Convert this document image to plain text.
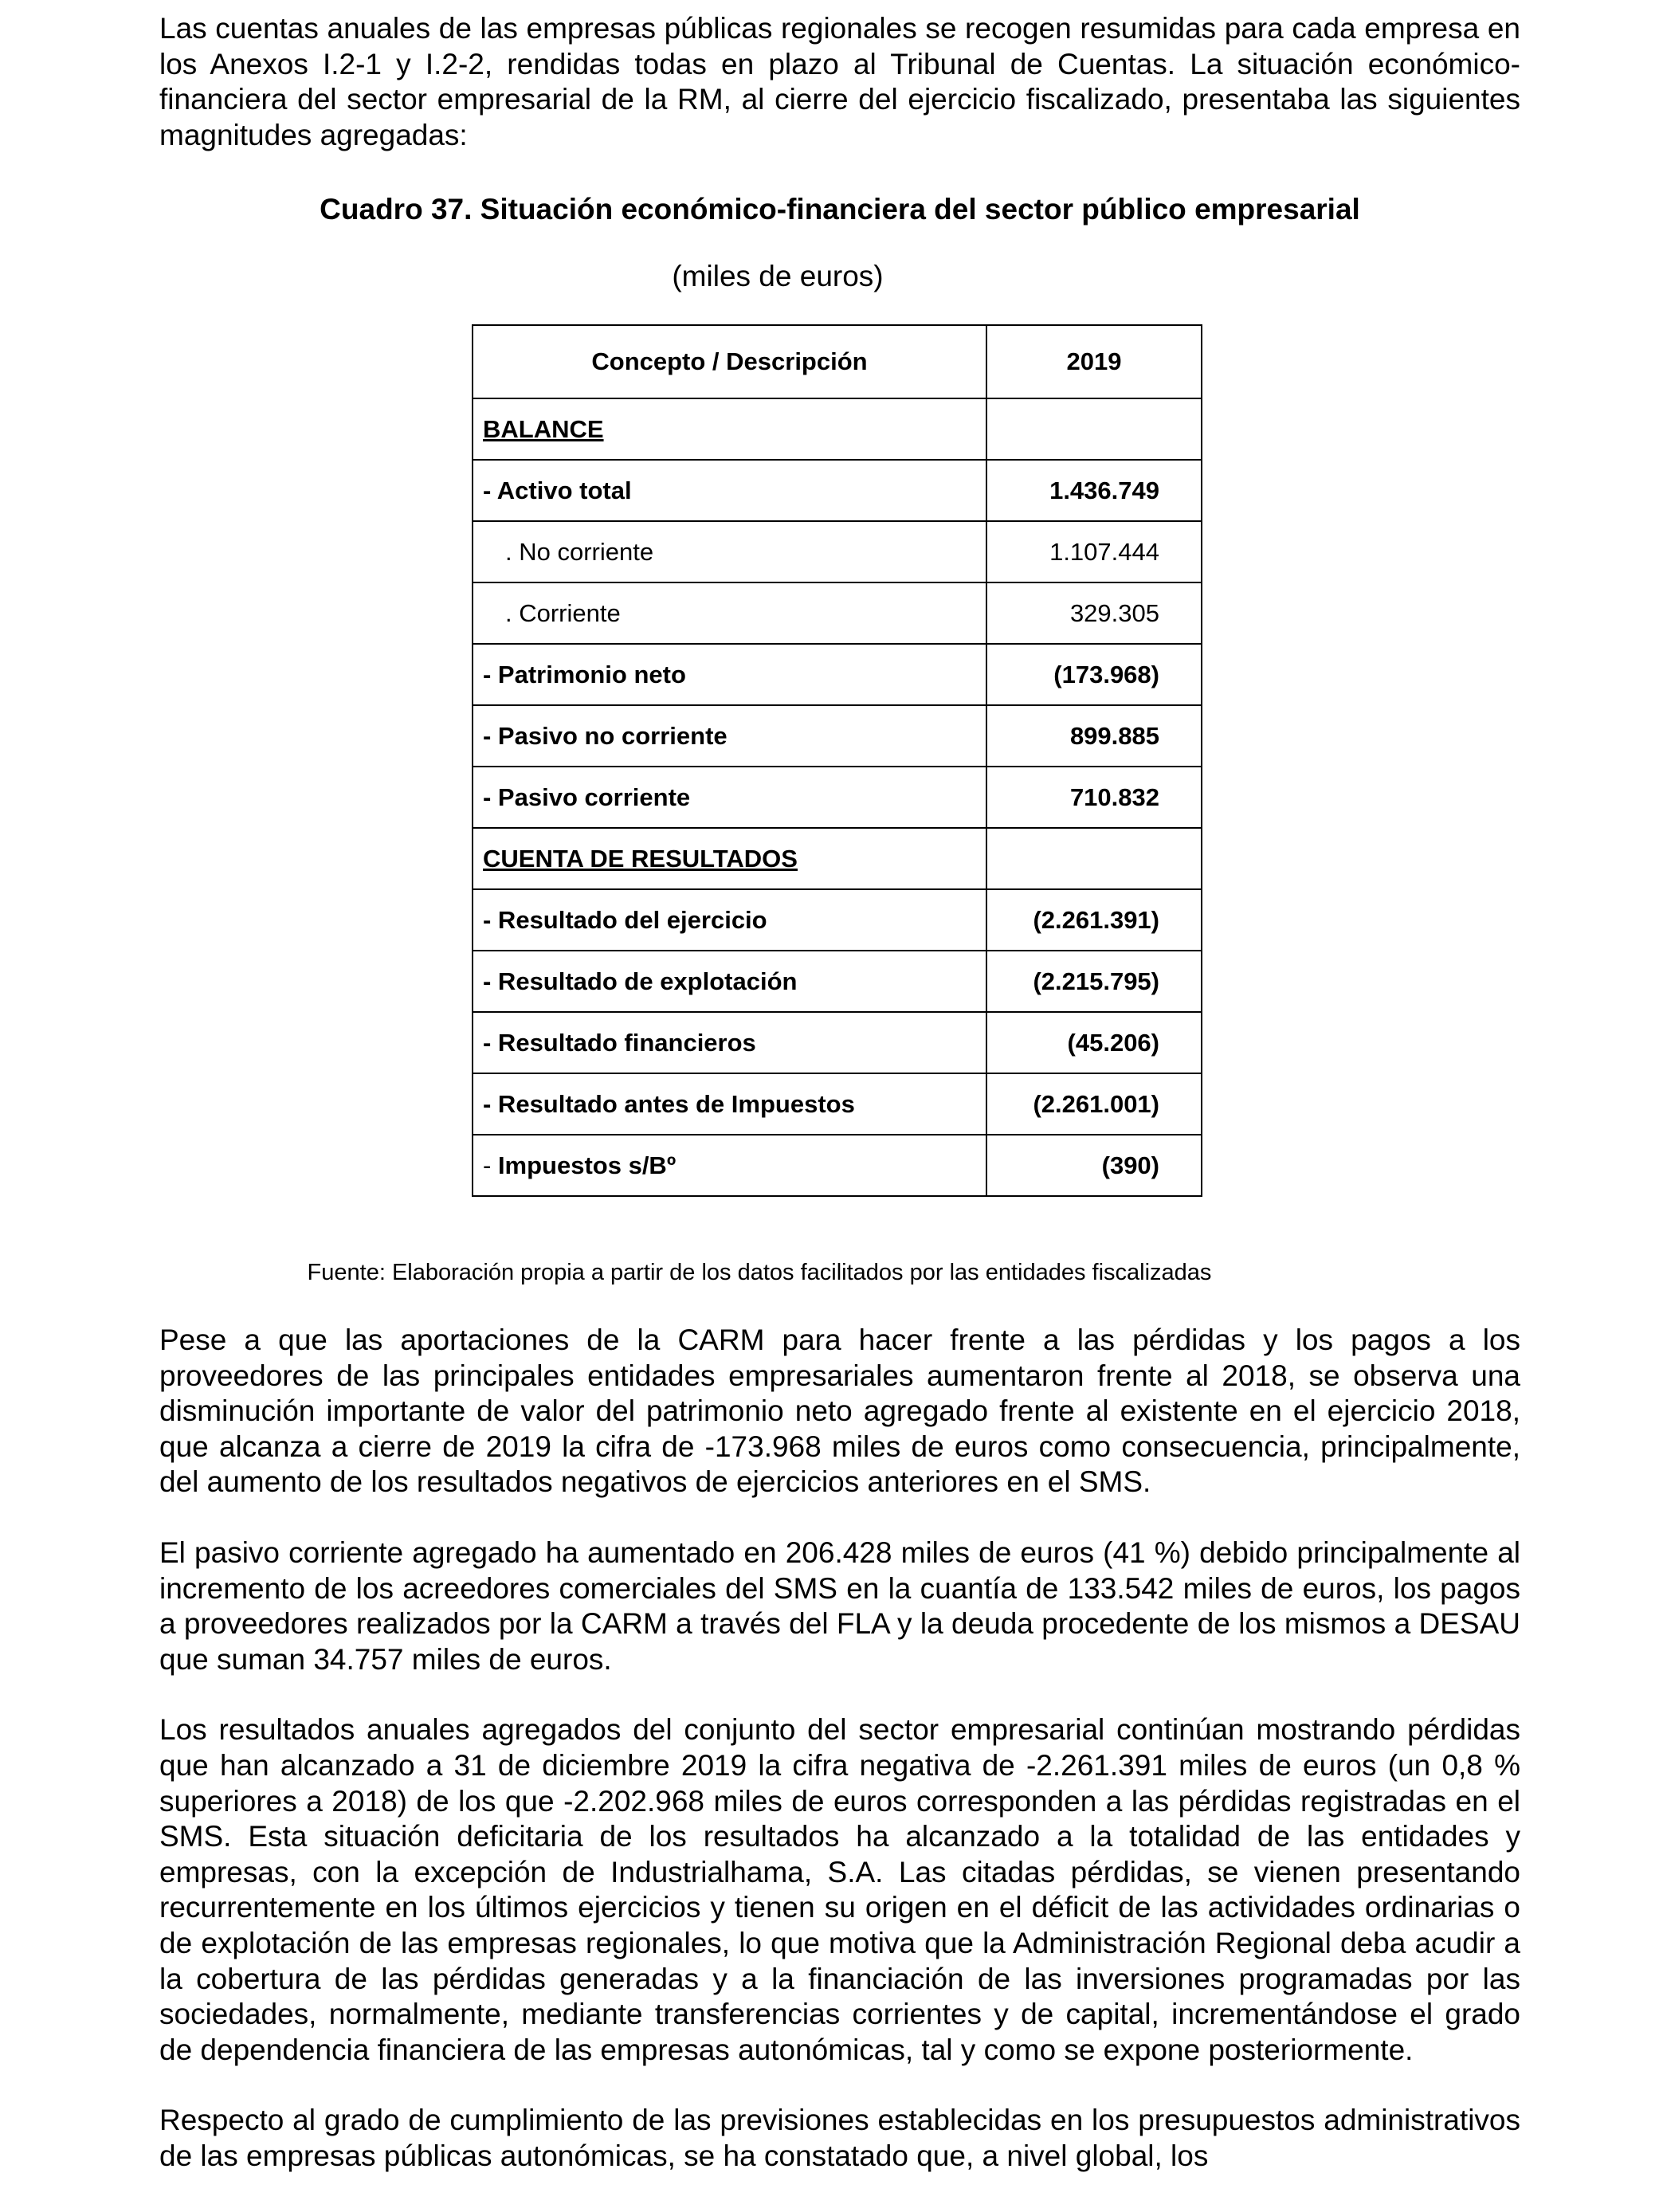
Las cuentas anuales de las empresas públicas regionales se recogen resumidas para cada empresa en los Anexos I.2-1 y I.2-2, rendidas todas en plazo al Tribunal de Cuentas. La situación económico-financiera del sector empresarial de la RM, al cierre del ejercicio fiscalizado, presentaba las siguientes magnitudes agregadas:

Cuadro 37. Situación económico-financiera del sector público empresarial

(miles de euros)

Concepto / Descripción	2019
BALANCE	
- Activo total	1.436.749
. No corriente	1.107.444
. Corriente	329.305
- Patrimonio neto	(173.968)
- Pasivo no corriente	899.885
- Pasivo corriente	710.832
CUENTA DE RESULTADOS	
- Resultado del ejercicio	(2.261.391)
- Resultado de explotación	(2.215.795)
- Resultado financieros	(45.206)
- Resultado antes de Impuestos	(2.261.001)
- Impuestos s/Bº	(390)

Fuente: Elaboración propia a partir de los datos facilitados por las entidades fiscalizadas

Pese a que las aportaciones de la CARM para hacer frente a las pérdidas y los pagos a los proveedores de las principales entidades empresariales aumentaron frente al 2018, se observa una disminución importante de valor del patrimonio neto agregado frente al existente en el ejercicio 2018, que alcanza a cierre de 2019 la cifra de -173.968 miles de euros como consecuencia, principalmente, del aumento de los resultados negativos de ejercicios anteriores en el SMS.

El pasivo corriente agregado ha aumentado en 206.428 miles de euros (41 %) debido principalmente al incremento de los acreedores comerciales del SMS en la cuantía de 133.542 miles de euros, los pagos a proveedores realizados por la CARM a través del FLA y la deuda procedente de los mismos a DESAU que suman 34.757 miles de euros.

Los resultados anuales agregados del conjunto del sector empresarial continúan mostrando pérdidas que han alcanzado a 31 de diciembre 2019 la cifra negativa de -2.261.391 miles de euros (un 0,8 % superiores a 2018) de los que -2.202.968 miles de euros corresponden a las pérdidas registradas en el SMS. Esta situación deficitaria de los resultados ha alcanzado a la totalidad de las entidades y empresas, con la excepción de Industrialhama, S.A. Las citadas pérdidas, se vienen presentando recurrentemente en los últimos ejercicios y tienen su origen en el déficit de las actividades ordinarias o de explotación de las empresas regionales, lo que motiva que la Administración Regional deba acudir a la cobertura de las pérdidas generadas y a la financiación de las inversiones programadas por las sociedades, normalmente, mediante transferencias corrientes y de capital, incrementándose el grado de dependencia financiera de las empresas autonómicas, tal y como se expone posteriormente.

Respecto al grado de cumplimiento de las previsiones establecidas en los presupuestos administrativos de las empresas públicas autonómicas, se ha constatado que, a nivel global, los
